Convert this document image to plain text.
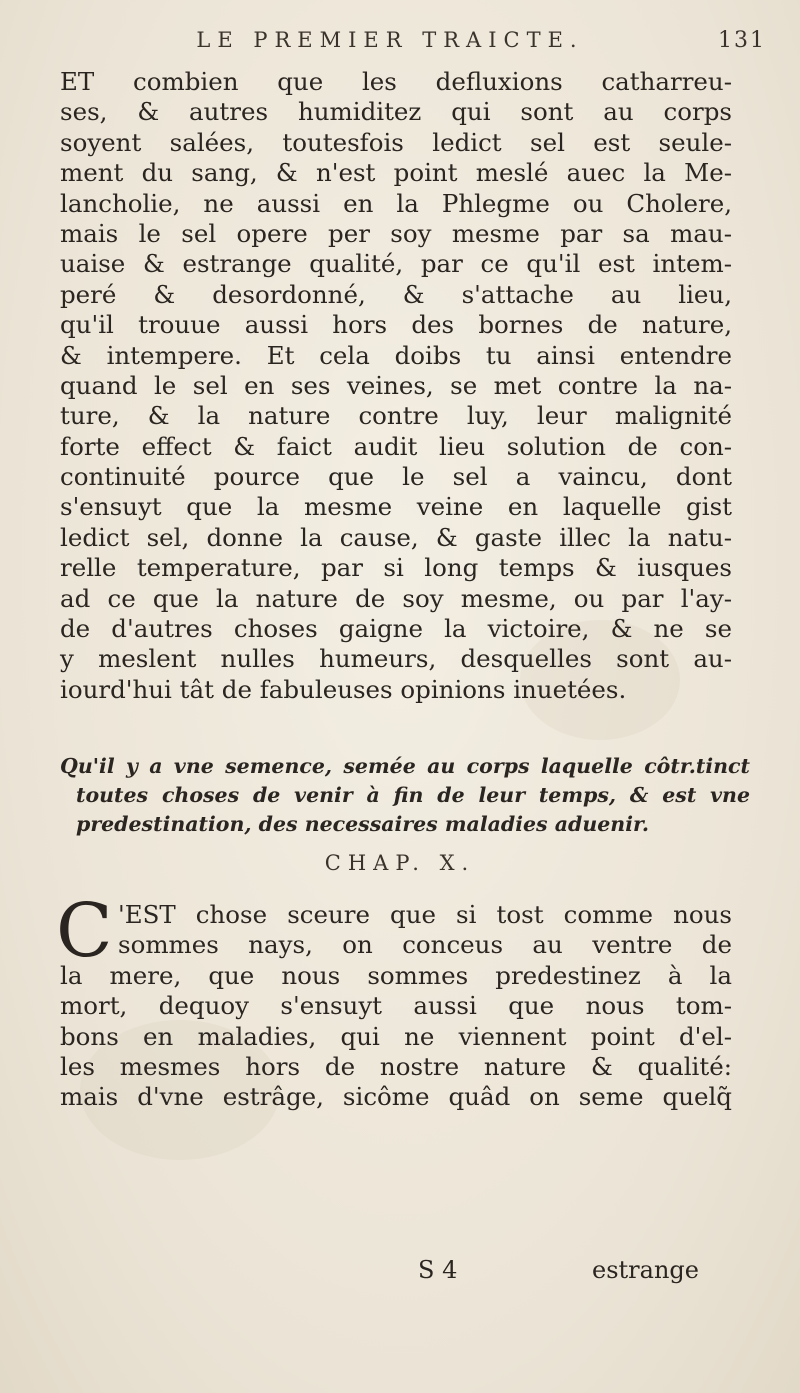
LE PREMIER TRAICTE.	131
ET combien que les defluxions catharreu-
ses, & autres humiditez qui sont au corps
soyent salées, toutesfois ledict sel est seule-
ment du sang, & n'est point meslé auec la Me-
lancholie, ne aussi en la Phlegme ou Cholere,
mais le sel opere per soy mesme par sa mau-
uaise & estrange qualité, par ce qu'il est intem-
peré & desordonné, & s'attache au lieu,
qu'il trouue aussi hors des bornes de nature,
& intempere. Et cela doibs tu ainsi entendre
quand le sel en ses veines, se met contre la na-
ture, & la nature contre luy, leur malignité
forte effect & faict audit lieu solution de con-
continuité pource que le sel a vaincu, dont
s'ensuyt que la mesme veine en laquelle gist
ledict sel, donne la cause, & gaste illec la natu-
relle temperature, par si long temps & iusques
ad ce que la nature de soy mesme, ou par l'ay-
de d'autres choses gaigne la victoire, & ne se
y meslent nulles humeurs, desquelles sont au-
iourd'hui tât de fabuleuses opinions inuetées.
Qu'il y a vne semence, semée au corps laquelle côtr.tinct
toutes choses de venir à fin de leur temps, & est vne
predestination, des necessaires maladies aduenir.
CHAP. X.
C 'EST chose sceure que si tost comme nous
sommes nays, on conceus au ventre de
la mere, que nous sommes predestinez à la
mort, dequoy s'ensuyt aussi que nous tom-
bons en maladies, qui ne viennent point d'el-
les mesmes hors de nostre nature & qualité:
mais d'vne estrâge, sicôme quâd on seme quelq̃
S 4	estrange
